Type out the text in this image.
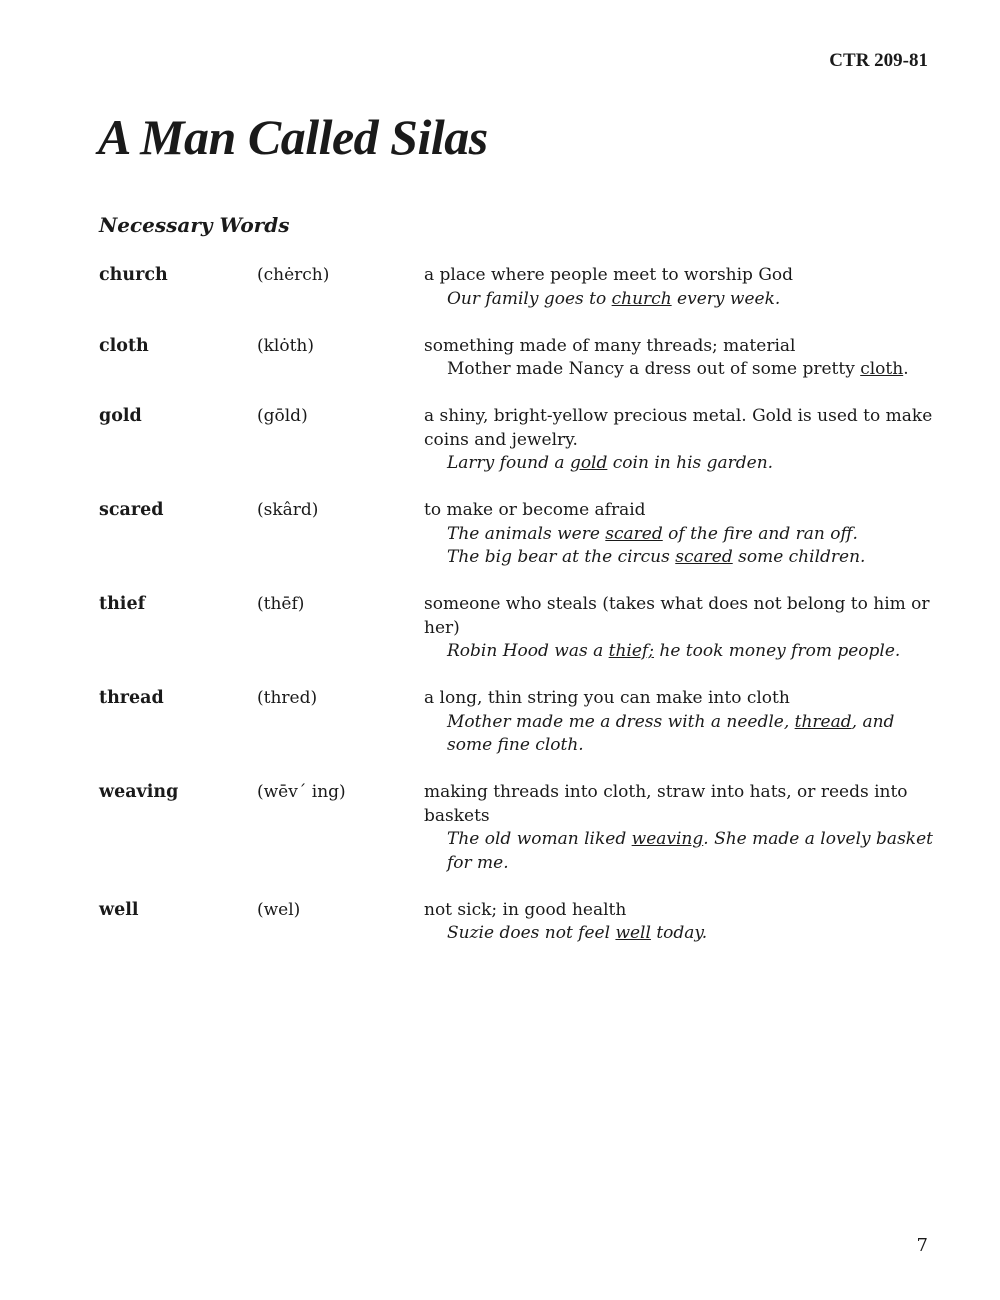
CTR 209-81

A Man Called Silas
Necessary Words
church	(chėrch)	a place where people meet to worship God
Our family goes to church every week.
cloth	(klȯth)	something made of many threads; material
Mother made Nancy a dress out of some pretty cloth.
gold	(gōld)	a shiny, bright-yellow precious metal. Gold is used to make coins and jewelry.
Larry found a gold coin in his garden.
scared	(skârd)	to make or become afraid
The animals were scared of the fire and ran off.
The big bear at the circus scared some children.
thief	(thēf)	someone who steals (takes what does not belong to him or her)
Robin Hood was a thief; he took money from people.
thread	(thred)	a long, thin string you can make into cloth
Mother made me a dress with a needle, thread, and some fine cloth.
weaving	(wēv´ ing)	making threads into cloth, straw into hats, or reeds into baskets
The old woman liked weaving. She made a lovely basket for me.
well	(wel)	not sick; in good health
Suzie does not feel well today.

7
